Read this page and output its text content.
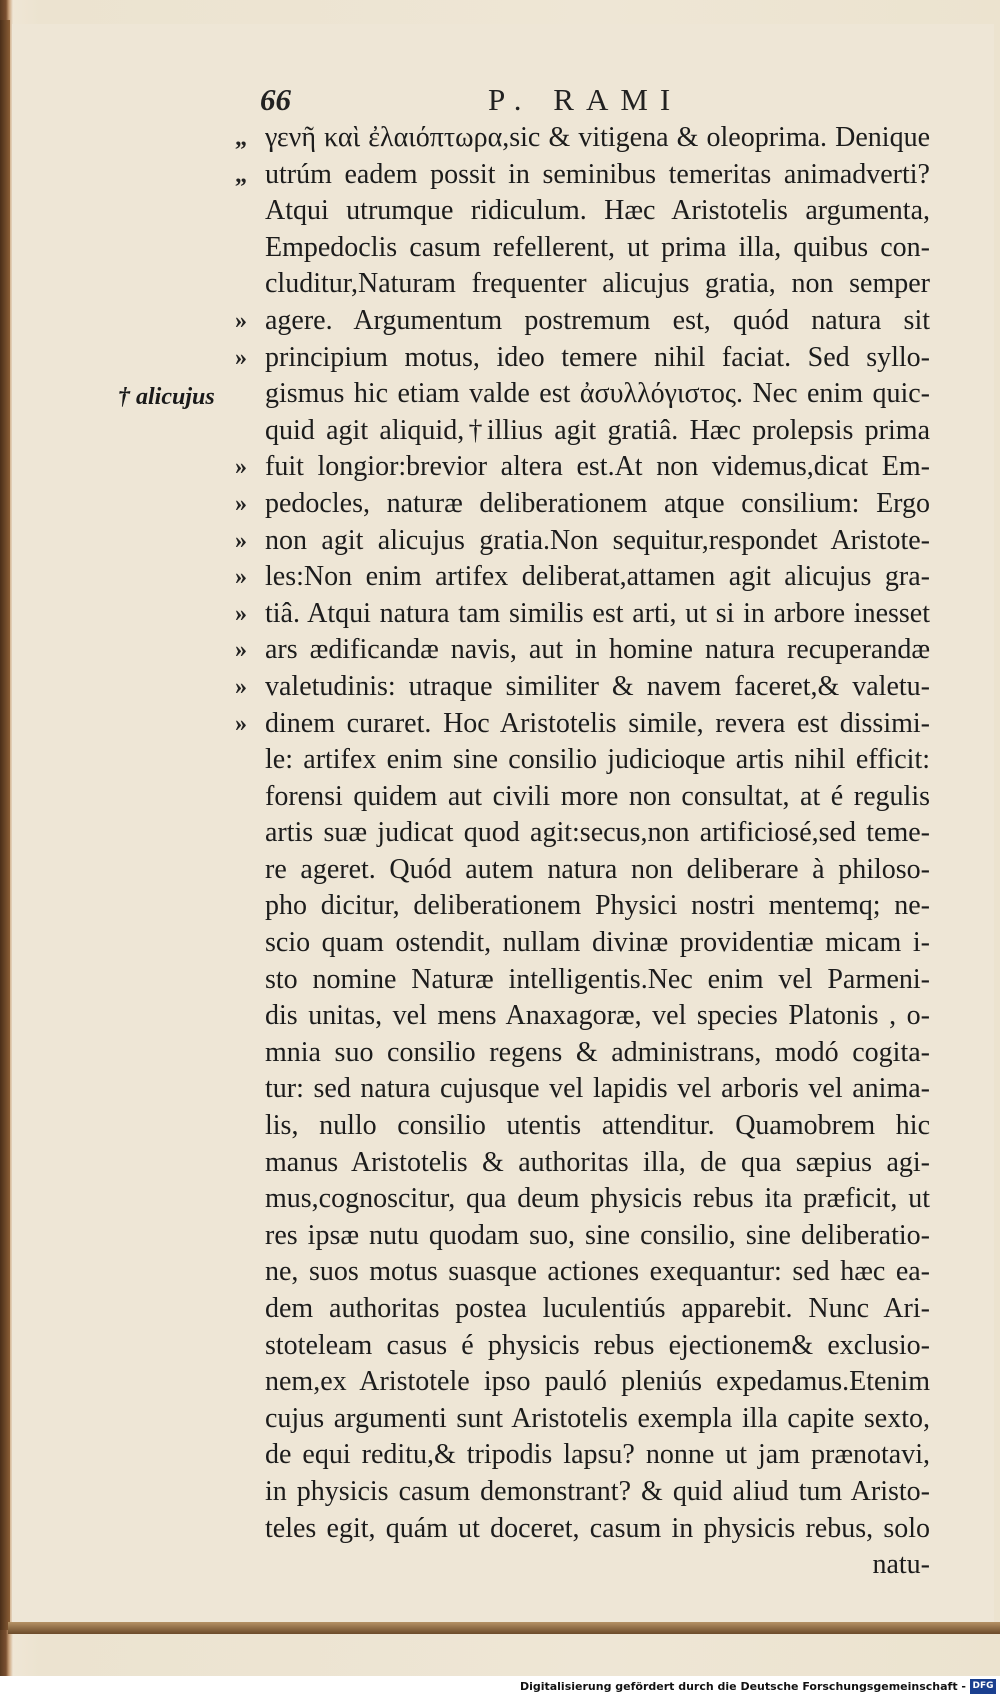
66	P. RAMI
† alicujus
„ γενῆ καὶ ἐλαιόπτωρα,sic & vitigena & oleoprima. Denique
„ utrúm eadem possit in seminibus temeritas animadverti?
Atqui utrumque ridiculum. Hæc Aristotelis argumenta,
Empedoclis casum refellerent, ut prima illa, quibus con-
cluditur,Naturam frequenter alicujus gratia, non semper
» agere. Argumentum postremum est, quód natura sit
» principium motus, ideo temere nihil faciat. Sed syllo-
gismus hic etiam valde est ἀσυλλόγιστος. Nec enim quic-
quid agit aliquid,†illius agit gratiâ. Hæc prolepsis prima
» fuit longior:brevior altera est.At non videmus,dicat Em-
» pedocles, naturæ deliberationem atque consilium: Ergo
» non agit alicujus gratia.Non sequitur,respondet Aristote-
» les:Non enim artifex deliberat,attamen agit alicujus gra-
» tiâ. Atqui natura tam similis est arti, ut si in arbore inesset
» ars ædificandæ navis, aut in homine natura recuperandæ
» valetudinis: utraque similiter & navem faceret,& valetu-
» dinem curaret. Hoc Aristotelis simile, revera est dissimi-
le: artifex enim sine consilio judicioque artis nihil efficit:
forensi quidem aut civili more non consultat, at é regulis
artis suæ judicat quod agit:secus,non artificiosé,sed teme-
re ageret. Quód autem natura non deliberare à philoso-
pho dicitur, deliberationem Physici nostri mentemq; ne-
scio quam ostendit, nullam divinæ providentiæ micam i-
sto nomine Naturæ intelligentis.Nec enim vel Parmeni-
dis unitas, vel mens Anaxagoræ, vel species Platonis , o-
mnia suo consilio regens & administrans, modó cogita-
tur: sed natura cujusque vel lapidis vel arboris vel anima-
lis, nullo consilio utentis attenditur. Quamobrem hic
manus Aristotelis & authoritas illa, de qua sæpius agi-
mus,cognoscitur, qua deum physicis rebus ita præficit, ut
res ipsæ nutu quodam suo, sine consilio, sine deliberatio-
ne, suos motus suasque actiones exequantur: sed hæc ea-
dem authoritas postea luculentiús apparebit. Nunc Ari-
stoteleam casus é physicis rebus ejectionem& exclusio-
nem,ex Aristotele ipso pauló pleniús expedamus.Etenim
cujus argumenti sunt Aristotelis exempla illa capite sexto,
de equi reditu,& tripodis lapsu? nonne ut jam prænotavi,
in physicis casum demonstrant? & quid aliud tum Aristo-
teles egit, quám ut doceret, casum in physicis rebus, solo
natu-
Digitalisierung gefördert durch die Deutsche Forschungsgemeinschaft - DFG
